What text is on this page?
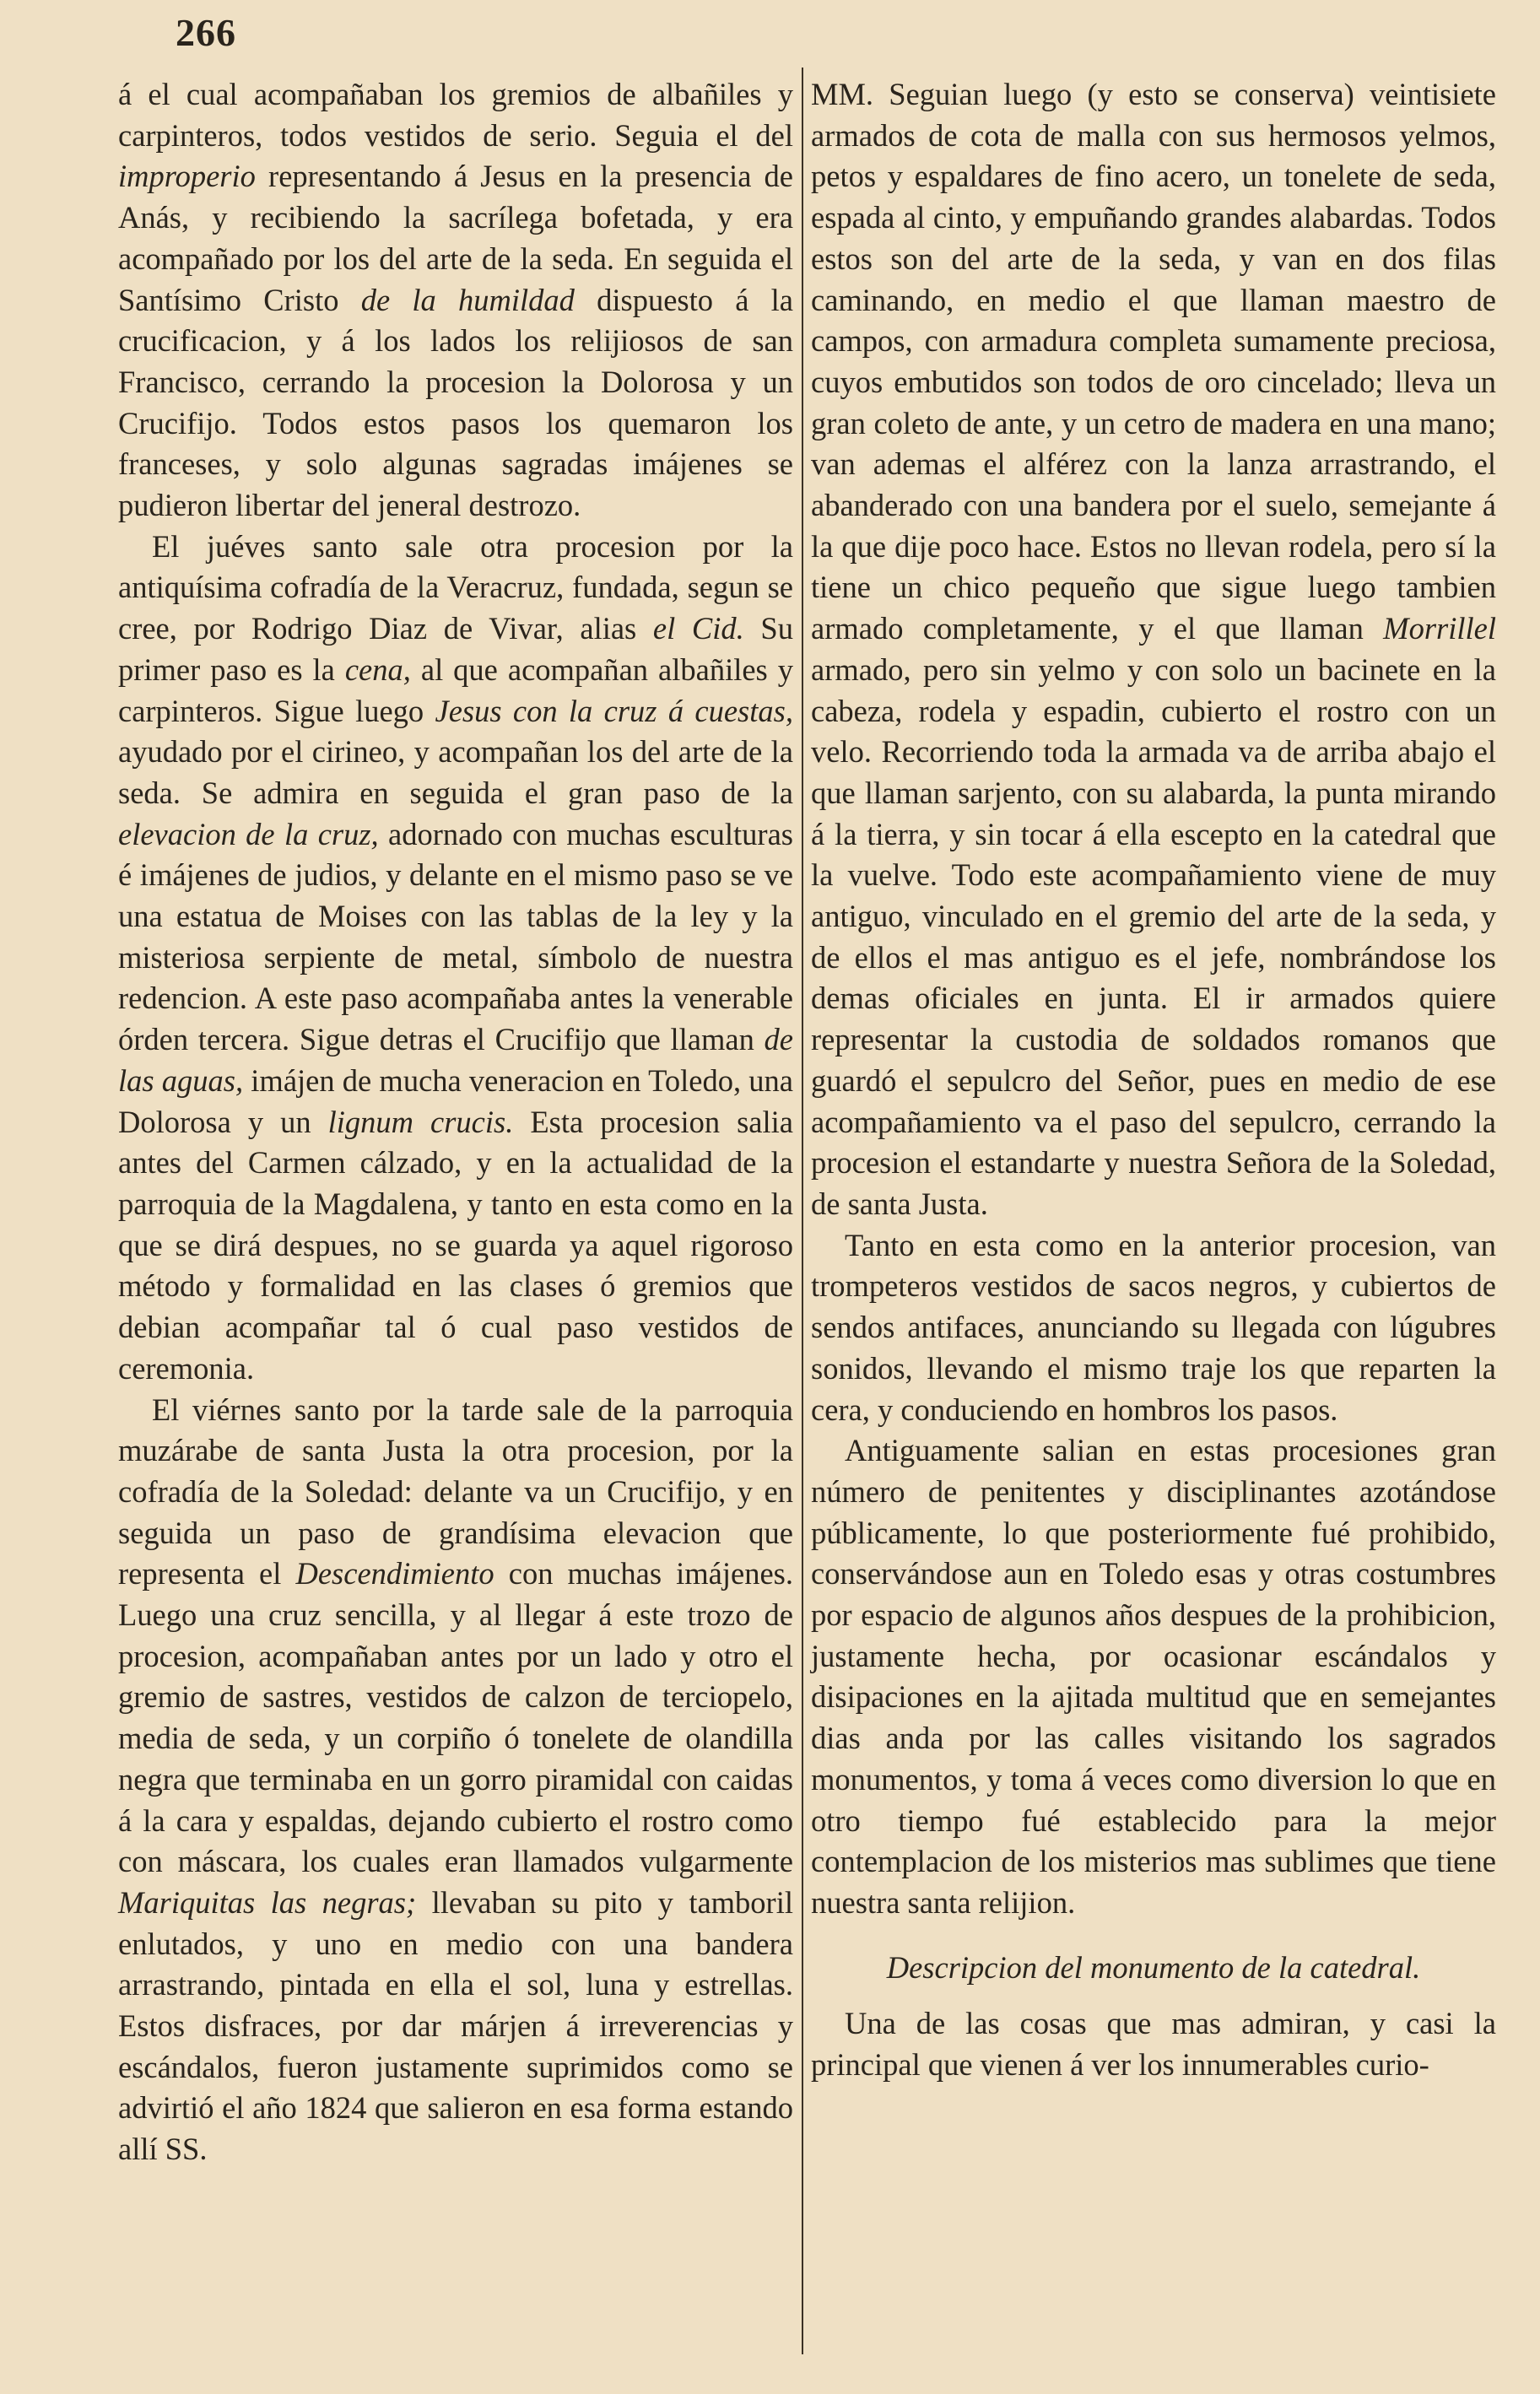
266

á el cual acompañaban los gremios de albañiles y carpinteros, todos vestidos de serio. Seguia el del improperio representando á Jesus en la presencia de Anás, y recibiendo la sacrílega bofetada, y era acompañado por los del arte de la seda. En seguida el Santísimo Cristo de la humildad dispuesto á la crucificacion, y á los lados los relijiosos de san Francisco, cerrando la procesion la Dolorosa y un Crucifijo. Todos estos pasos los quemaron los franceses, y solo algunas sagradas imájenes se pudieron libertar del jeneral destrozo.

El juéves santo sale otra procesion por la antiquísima cofradía de la Veracruz, fundada, segun se cree, por Rodrigo Diaz de Vivar, alias el Cid. Su primer paso es la cena, al que acompañan albañiles y carpinteros. Sigue luego Jesus con la cruz á cuestas, ayudado por el cirineo, y acompañan los del arte de la seda. Se admira en seguida el gran paso de la elevacion de la cruz, adornado con muchas esculturas é imájenes de judios, y delante en el mismo paso se ve una estatua de Moises con las tablas de la ley y la misteriosa serpiente de metal, símbolo de nuestra redencion. A este paso acompañaba antes la venerable órden tercera. Sigue detras el Crucifijo que llaman de las aguas, imájen de mucha veneracion en Toledo, una Dolorosa y un lignum crucis. Esta procesion salia antes del Carmen cálzado, y en la actualidad de la parroquia de la Magdalena, y tanto en esta como en la que se dirá despues, no se guarda ya aquel rigoroso método y formalidad en las clases ó gremios que debian acompañar tal ó cual paso vestidos de ceremonia.

El viérnes santo por la tarde sale de la parroquia muzárabe de santa Justa la otra procesion, por la cofradía de la Soledad: delante va un Crucifijo, y en seguida un paso de grandísima elevacion que representa el Descendimiento con muchas imájenes. Luego una cruz sencilla, y al llegar á este trozo de procesion, acompañaban antes por un lado y otro el gremio de sastres, vestidos de calzon de terciopelo, media de seda, y un corpiño ó tonelete de olandilla negra que terminaba en un gorro piramidal con caidas á la cara y espaldas, dejando cubierto el rostro como con máscara, los cuales eran llamados vulgarmente Mariquitas las negras; llevaban su pito y tamboril enlutados, y uno en medio con una bandera arrastrando, pintada en ella el sol, luna y estrellas. Estos disfraces, por dar márjen á irreverencias y escándalos, fueron justamente suprimidos como se advirtió el año 1824 que salieron en esa forma estando allí SS.

MM. Seguian luego (y esto se conserva) veintisiete armados de cota de malla con sus hermosos yelmos, petos y espaldares de fino acero, un tonelete de seda, espada al cinto, y empuñando grandes alabardas. Todos estos son del arte de la seda, y van en dos filas caminando, en medio el que llaman maestro de campos, con armadura completa sumamente preciosa, cuyos embutidos son todos de oro cincelado; lleva un gran coleto de ante, y un cetro de madera en una mano; van ademas el alférez con la lanza arrastrando, el abanderado con una bandera por el suelo, semejante á la que dije poco hace. Estos no llevan rodela, pero sí la tiene un chico pequeño que sigue luego tambien armado completamente, y el que llaman Morrillel armado, pero sin yelmo y con solo un bacinete en la cabeza, rodela y espadin, cubierto el rostro con un velo. Recorriendo toda la armada va de arriba abajo el que llaman sarjento, con su alabarda, la punta mirando á la tierra, y sin tocar á ella escepto en la catedral que la vuelve. Todo este acompañamiento viene de muy antiguo, vinculado en el gremio del arte de la seda, y de ellos el mas antiguo es el jefe, nombrándose los demas oficiales en junta. El ir armados quiere representar la custodia de soldados romanos que guardó el sepulcro del Señor, pues en medio de ese acompañamiento va el paso del sepulcro, cerrando la procesion el estandarte y nuestra Señora de la Soledad, de santa Justa.

Tanto en esta como en la anterior procesion, van trompeteros vestidos de sacos negros, y cubiertos de sendos antifaces, anunciando su llegada con lúgubres sonidos, llevando el mismo traje los que reparten la cera, y conduciendo en hombros los pasos.

Antiguamente salian en estas procesiones gran número de penitentes y disciplinantes azotándose públicamente, lo que posteriormente fué prohibido, conservándose aun en Toledo esas y otras costumbres por espacio de algunos años despues de la prohibicion, justamente hecha, por ocasionar escándalos y disipaciones en la ajitada multitud que en semejantes dias anda por las calles visitando los sagrados monumentos, y toma á veces como diversion lo que en otro tiempo fué establecido para la mejor contemplacion de los misterios mas sublimes que tiene nuestra santa relijion.

Descripcion del monumento de la catedral.

Una de las cosas que mas admiran, y casi la principal que vienen á ver los innumerables curio-
